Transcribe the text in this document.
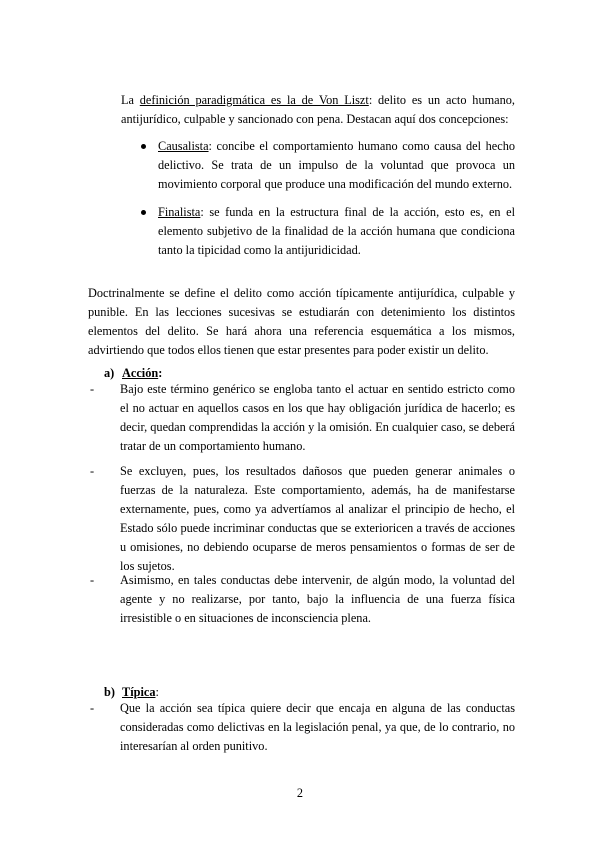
La definición paradigmática es la de Von Liszt: delito es un acto humano, antijurídico, culpable y sancionado con pena. Destacan aquí dos concepciones:

Causalista: concibe el comportamiento humano como causa del hecho delictivo. Se trata de un impulso de la voluntad que provoca un movimiento corporal que produce una modificación del mundo externo.

Finalista: se funda en la estructura final de la acción, esto es, en el elemento subjetivo de la finalidad de la acción humana que condiciona tanto la tipicidad como la antijuridicidad.

Doctrinalmente se define el delito como acción típicamente antijurídica, culpable y punible. En las lecciones sucesivas se estudiarán con detenimiento los distintos elementos del delito. Se hará ahora una referencia esquemática a los mismos, advirtiendo que todos ellos tienen que estar presentes para poder existir un delito.

a) Acción:
- Bajo este término genérico se engloba tanto el actuar en sentido estricto como el no actuar en aquellos casos en los que hay obligación jurídica de hacerlo; es decir, quedan comprendidas la acción y la omisión. En cualquier caso, se deberá tratar de un comportamiento humano.

- Se excluyen, pues, los resultados dañosos que pueden generar animales o fuerzas de la naturaleza. Este comportamiento, además, ha de manifestarse externamente, pues, como ya advertíamos al analizar el principio de hecho, el Estado sólo puede incriminar conductas que se exterioricen a través de acciones u omisiones, no debiendo ocuparse de meros pensamientos o formas de ser de los sujetos.

- Asimismo, en tales conductas debe intervenir, de algún modo, la voluntad del agente y no realizarse, por tanto, bajo la influencia de una fuerza física irresistible o en situaciones de inconsciencia plena.

b) Típica:
- Que la acción sea típica quiere decir que encaja en alguna de las conductas consideradas como delictivas en la legislación penal, ya que, de lo contrario, no interesarían al orden punitivo.

2
